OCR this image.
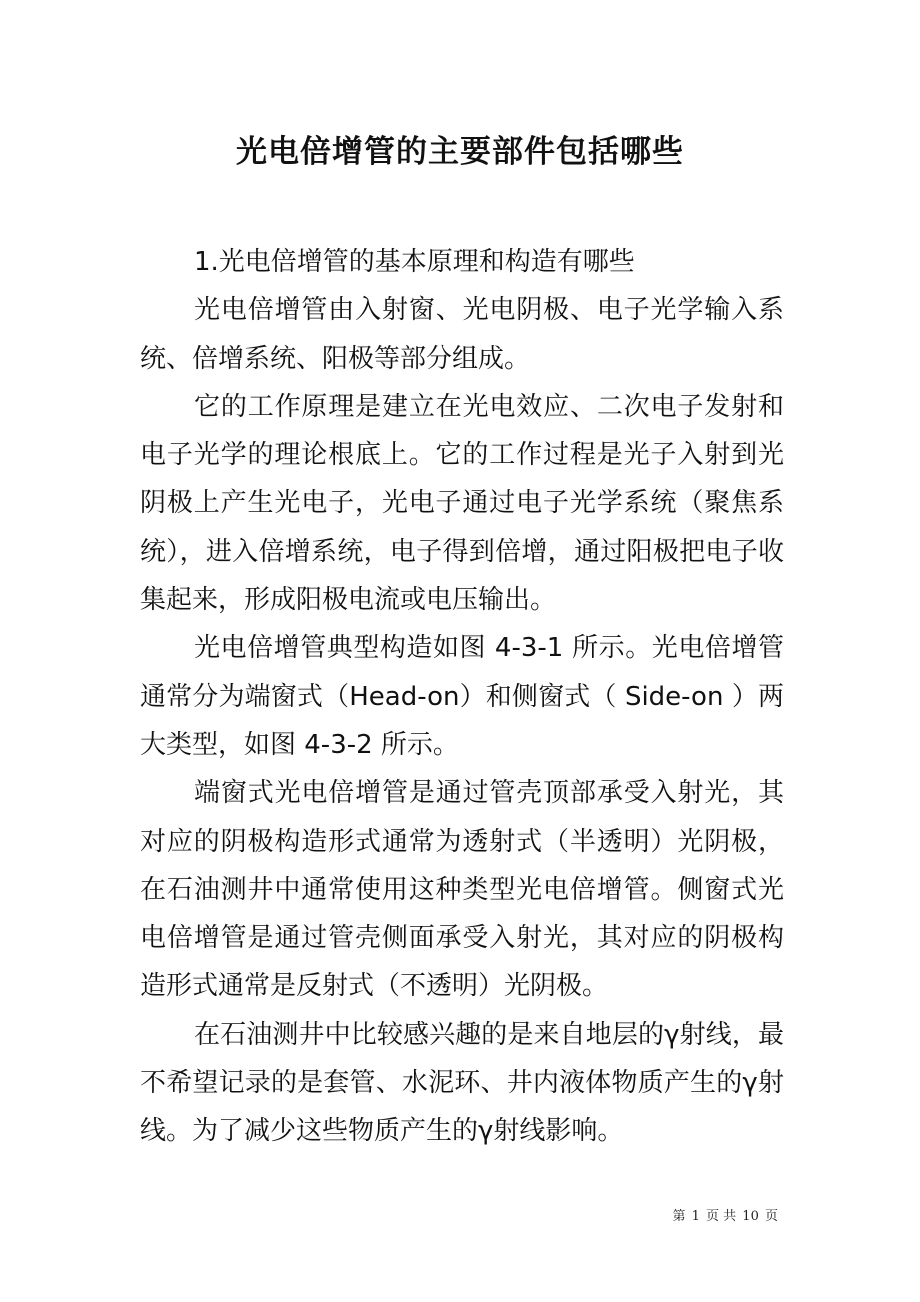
光电倍增管的主要部件包括哪些

1.光电倍增管的基本原理和构造有哪些

光电倍增管由入射窗、光电阴极、电子光学输入系统、倍增系统、阳极等部分组成。

它的工作原理是建立在光电效应、二次电子发射和电子光学的理论根底上。它的工作过程是光子入射到光阴极上产生光电子，光电子通过电子光学系统（聚焦系统），进入倍增系统，电子得到倍增，通过阳极把电子收集起来，形成阳极电流或电压输出。

光电倍增管典型构造如图 4-3-1 所示。光电倍增管通常分为端窗式（Head-on）和侧窗式（ Side-on ）两大类型，如图 4-3-2 所示。

端窗式光电倍增管是通过管壳顶部承受入射光，其对应的阴极构造形式通常为透射式（半透明）光阴极，在石油测井中通常使用这种类型光电倍增管。侧窗式光电倍增管是通过管壳侧面承受入射光，其对应的阴极构造形式通常是反射式（不透明）光阴极。

在石油测井中比较感兴趣的是来自地层的γ射线，最不希望记录的是套管、水泥环、井内液体物质产生的γ射线。为了减少这些物质产生的γ射线影响。

第 1 页 共 10 页
